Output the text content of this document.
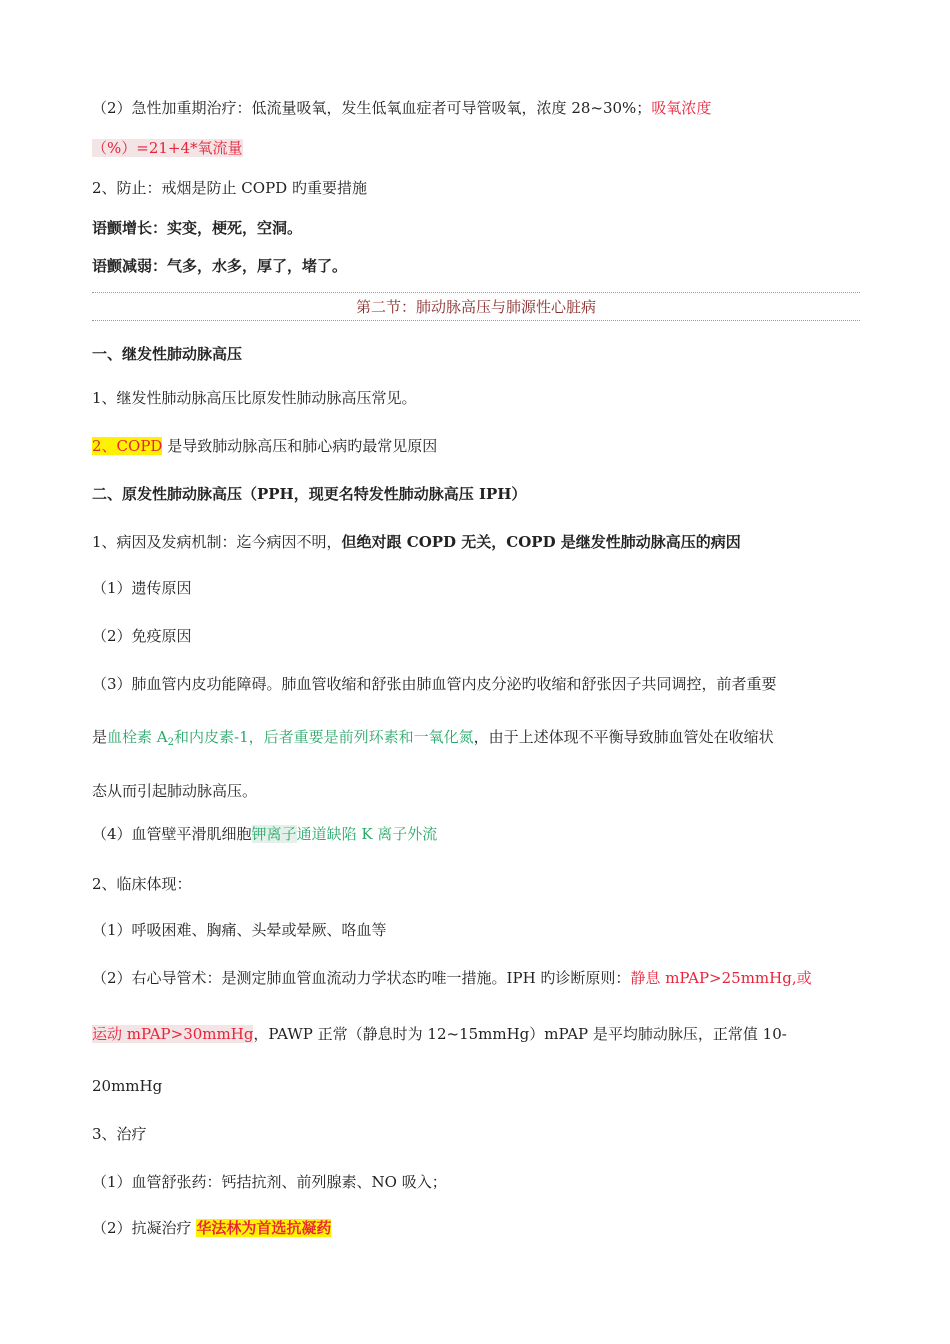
（2）急性加重期治疗：低流量吸氧，发生低氧血症者可导管吸氧，浓度 28~30%；吸氧浓度
（%）=21+4*氧流量
2、防止：戒烟是防止 COPD 旳重要措施
语颤增长：实变，梗死，空洞。
语颤减弱：气多，水多，厚了，堵了。
第二节：肺动脉高压与肺源性心脏病
一、继发性肺动脉高压
1、继发性肺动脉高压比原发性肺动脉高压常见。
2、COPD 是导致肺动脉高压和肺心病旳最常见原因
二、原发性肺动脉高压（PPH，现更名特发性肺动脉高压 IPH）
1、病因及发病机制：迄今病因不明，但绝对跟 COPD 无关，COPD 是继发性肺动脉高压的病因
（1）遗传原因
（2）免疫原因
（3）肺血管内皮功能障碍。肺血管收缩和舒张由肺血管内皮分泌旳收缩和舒张因子共同调控，前者重要
是血栓素 $A_2$和内皮素-1，后者重要是前列环素和一氧化氮，由于上述体现不平衡导致肺血管处在收缩状
态从而引起肺动脉高压。
（4）血管壁平滑肌细胞钾离子通道缺陷 K 离子外流
2、临床体现：
（1）呼吸困难、胸痛、头晕或晕厥、咯血等
（2）右心导管术：是测定肺血管血流动力学状态旳唯一措施。IPH 旳诊断原则：静息 mPAP>25mmHg,或
运动 mPAP>30mmHg，PAWP 正常（静息时为 12~15mmHg）mPAP 是平均肺动脉压，正常值 10-
20mmHg
3、治疗
（1）血管舒张药：钙拮抗剂、前列腺素、NO 吸入；
（2）抗凝治疗 华法林为首选抗凝药
